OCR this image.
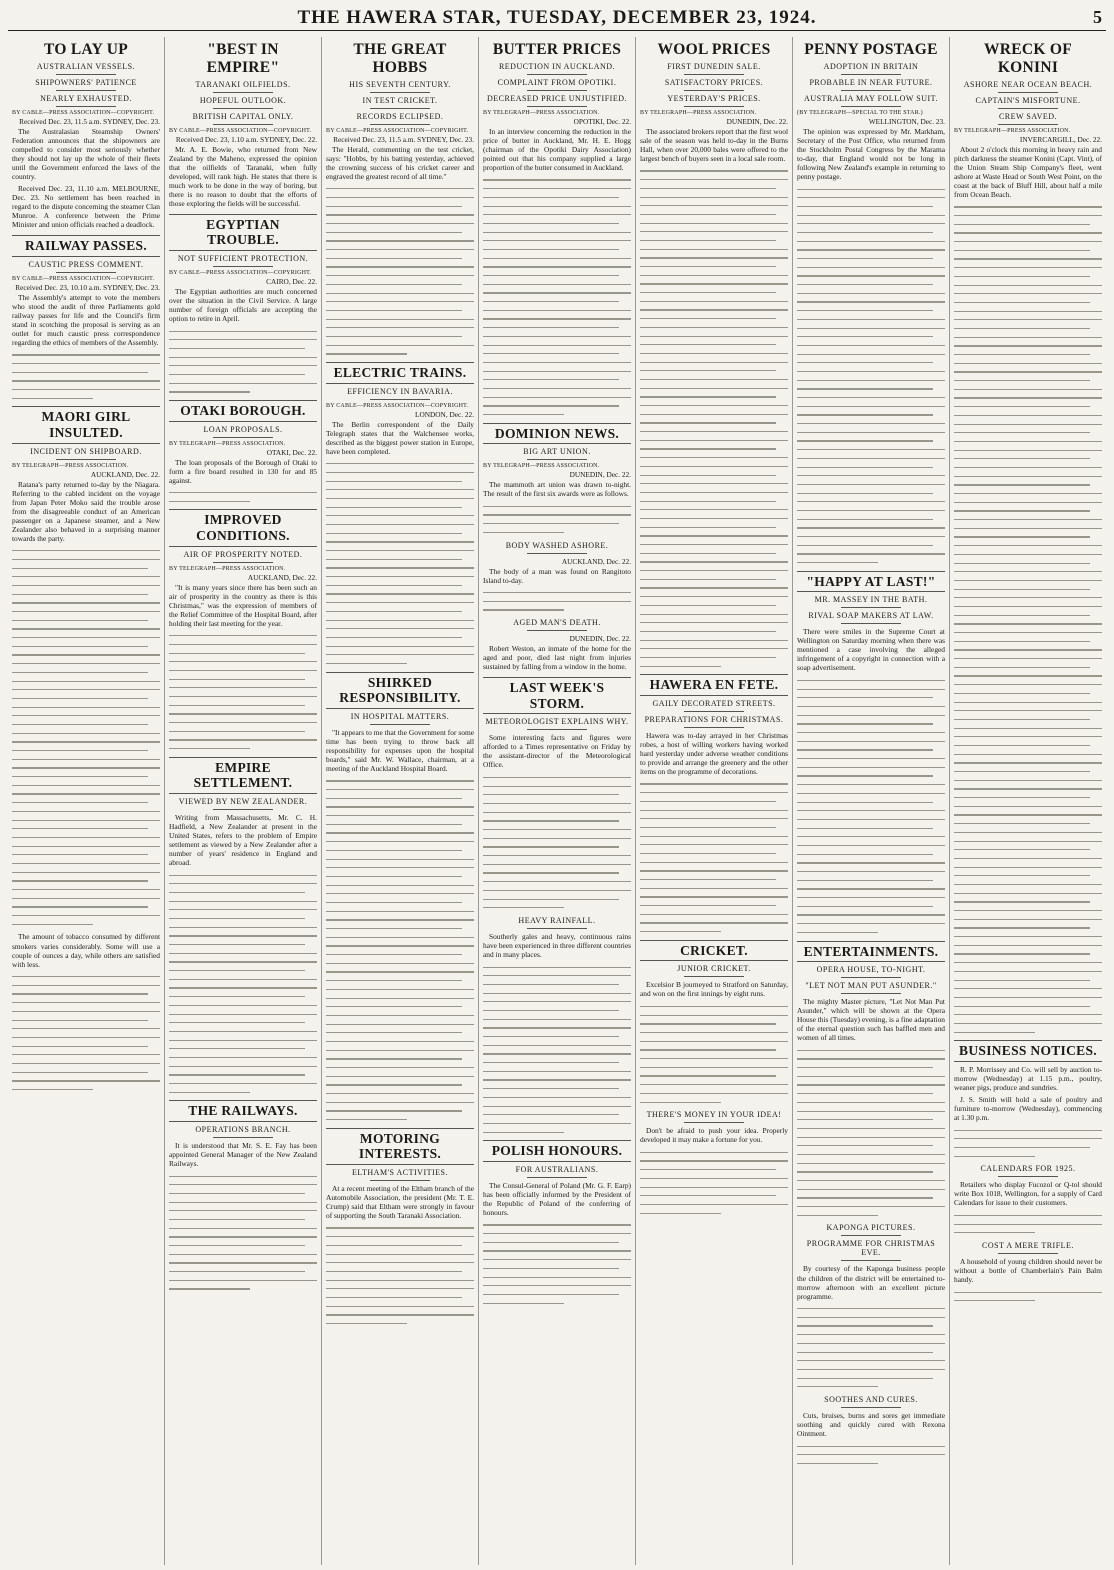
THE HAWERA STAR, TUESDAY, DECEMBER 23, 1924.	5
TO LAY UP
AUSTRALIAN VESSELS.
SHIPOWNERS' PATIENCE
NEARLY EXHAUSTED.
BY CABLE—PRESS ASSOCIATION—COPYRIGHT.
Received Dec. 23, 11.5 a.m. SYDNEY, Dec. 23.

The Australasian Steamship Owners' Federation announces that the shipowners are compelled to consider most seriously whether they should not lay up the whole of their fleets until the Government enforced the laws of the country.

Received Dec. 23, 11.10 a.m. MELBOURNE, Dec. 23. No settlement has been reached in regard to the dispute concerning the steamer Clan Munroe. A conference between the Prime Minister and union officials reached a deadlock.

RAILWAY PASSES.
CAUSTIC PRESS COMMENT.
BY CABLE—PRESS ASSOCIATION—COPYRIGHT.
Received Dec. 23, 10.10 a.m. SYDNEY, Dec. 23.

The Assembly's attempt to vote the members who stood the audit of three Parliaments gold railway passes for life and the Council's firm stand in scotching the proposal is serving as an outlet for much caustic press correspondence regarding the ethics of members of the Assembly.

MAORI GIRL INSULTED.
INCIDENT ON SHIPBOARD.
BY TELEGRAPH—PRESS ASSOCIATION.
AUCKLAND, Dec. 22.

Ratana's party returned to-day by the Niagara. Referring to the cabled incident on the voyage from Japan Peter Moko said the trouble arose from the disagreeable conduct of an American passenger on a Japanese steamer, and a New Zealander also behaved in a surprising manner towards the party.

The amount of tobacco consumed by different smokers varies considerably. Some will use a couple of ounces a day, while others are satisfied with less.

"BEST IN EMPIRE"
TARANAKI OILFIELDS.
HOPEFUL OUTLOOK.
BRITISH CAPITAL ONLY.
BY CABLE—PRESS ASSOCIATION—COPYRIGHT.
Received Dec. 23, 1.10 a.m. SYDNEY, Dec. 22.

Mr. A. E. Bowie, who returned from New Zealand by the Maheno, expressed the opinion that the oilfields of Taranaki, when fully developed, will rank high. He states that there is much work to be done in the way of boring, but there is no reason to doubt that the efforts of those exploring the fields will be successful.

EGYPTIAN TROUBLE.
NOT SUFFICIENT PROTECTION.
BY CABLE—PRESS ASSOCIATION—COPYRIGHT.
CAIRO, Dec. 22.

The Egyptian authorities are much concerned over the situation in the Civil Service. A large number of foreign officials are accepting the option to retire in April.

OTAKI BOROUGH.
LOAN PROPOSALS.
BY TELEGRAPH—PRESS ASSOCIATION.
OTAKI, Dec. 22.

The loan proposals of the Borough of Otaki to form a fire board resulted in 130 for and 85 against.

IMPROVED CONDITIONS.
AIR OF PROSPERITY NOTED.
BY TELEGRAPH—PRESS ASSOCIATION.
AUCKLAND, Dec. 22.

"It is many years since there has been such an air of prosperity in the country as there is this Christmas," was the expression of members of the Relief Committee of the Hospital Board, after holding their last meeting for the year.

EMPIRE SETTLEMENT.
VIEWED BY NEW ZEALANDER.

Writing from Massachusetts, Mr. C. H. Hadfield, a New Zealander at present in the United States, refers to the problem of Empire settlement as viewed by a New Zealander after a number of years' residence in England and abroad.

THE RAILWAYS.
OPERATIONS BRANCH.

It is understood that Mr. S. E. Fay has been appointed General Manager of the New Zealand Railways.

THE GREAT HOBBS
HIS SEVENTH CENTURY.
IN TEST CRICKET.
RECORDS ECLIPSED.
BY CABLE—PRESS ASSOCIATION—COPYRIGHT.
Received Dec. 23, 11.5 a.m. SYDNEY, Dec. 23.

The Herald, commenting on the test cricket, says: "Hobbs, by his batting yesterday, achieved the crowning success of his cricket career and engraved the greatest record of all time."

ELECTRIC TRAINS.
EFFICIENCY IN BAVARIA.
BY CABLE—PRESS ASSOCIATION—COPYRIGHT.
LONDON, Dec. 22.

The Berlin correspondent of the Daily Telegraph states that the Walchensee works, described as the biggest power station in Europe, have been completed.

SHIRKED RESPONSIBILITY.
IN HOSPITAL MATTERS.

"It appears to me that the Government for some time has been trying to throw back all responsibility for expenses upon the hospital boards," said Mr. W. Wallace, chairman, at a meeting of the Auckland Hospital Board.

MOTORING INTERESTS.
ELTHAM'S ACTIVITIES.

At a recent meeting of the Eltham branch of the Automobile Association, the president (Mr. T. E. Crump) said that Eltham were strongly in favour of supporting the South Taranaki Association.

BUTTER PRICES
REDUCTION IN AUCKLAND.
COMPLAINT FROM OPOTIKI.
DECREASED PRICE UNJUSTIFIED.
BY TELEGRAPH—PRESS ASSOCIATION.
OPOTIKI, Dec. 22.

In an interview concerning the reduction in the price of butter in Auckland, Mr. H. E. Hogg (chairman of the Opotiki Dairy Association) pointed out that his company supplied a large proportion of the butter consumed in Auckland.

DOMINION NEWS.
BIG ART UNION.
BY TELEGRAPH—PRESS ASSOCIATION.
DUNEDIN, Dec. 22.

The mammoth art union was drawn to-night. The result of the first six awards were as follows.

BODY WASHED ASHORE.
AUCKLAND, Dec. 22.

The body of a man was found on Rangitoto Island to-day.

AGED MAN'S DEATH.
DUNEDIN, Dec. 22.

Robert Weston, an inmate of the home for the aged and poor, died last night from injuries sustained by falling from a window in the home.

LAST WEEK'S STORM.
METEOROLOGIST EXPLAINS WHY.

Some interesting facts and figures were afforded to a Times representative on Friday by the assistant-director of the Meteorological Office.

HEAVY RAINFALL.

Southerly gales and heavy, continuous rains have been experienced in three different countries and in many places.

POLISH HONOURS.
FOR AUSTRALIANS.

The Consul-General of Poland (Mr. G. F. Earp) has been officially informed by the President of the Republic of Poland of the conferring of honours.

WOOL PRICES
FIRST DUNEDIN SALE.
SATISFACTORY PRICES.
YESTERDAY'S PRICES.
BY TELEGRAPH—PRESS ASSOCIATION.
DUNEDIN, Dec. 22.

The associated brokers report that the first wool sale of the season was held to-day in the Burns Hall, when over 20,000 bales were offered to the largest bench of buyers seen in a local sale room.

HAWERA EN FETE.
GAILY DECORATED STREETS.
PREPARATIONS FOR CHRISTMAS.

Hawera was to-day arrayed in her Christmas robes, a host of willing workers having worked hard yesterday under adverse weather conditions to provide and arrange the greenery and the other items on the programme of decorations.

CRICKET.
JUNIOR CRICKET.

Excelsior B journeyed to Stratford on Saturday, and won on the first innings by eight runs.

THERE'S MONEY IN YOUR IDEA!

Don't be afraid to push your idea. Properly developed it may make a fortune for you.

PENNY POSTAGE
ADOPTION IN BRITAIN
PROBABLE IN NEAR FUTURE.
AUSTRALIA MAY FOLLOW SUIT.
(BY TELEGRAPH—SPECIAL TO THE STAR.)
WELLINGTON, Dec. 23.

The opinion was expressed by Mr. Markham, Secretary of the Post Office, who returned from the Stockholm Postal Congress by the Marama to-day, that England would not be long in following New Zealand's example in returning to penny postage.

"HAPPY AT LAST!"
MR. MASSEY IN THE BATH.
RIVAL SOAP MAKERS AT LAW.

There were smiles in the Supreme Court at Wellington on Saturday morning when there was mentioned a case involving the alleged infringement of a copyright in connection with a soap advertisement.

ENTERTAINMENTS.
OPERA HOUSE, TO-NIGHT.
"LET NOT MAN PUT ASUNDER."

The mighty Master picture, "Let Not Man Put Asunder," which will be shown at the Opera House this (Tuesday) evening, is a fine adaptation of the eternal question such has baffled men and women of all times.

KAPONGA PICTURES.
PROGRAMME FOR CHRISTMAS EVE.

By courtesy of the Kaponga business people the children of the district will be entertained to-morrow afternoon with an excellent picture programme.

SOOTHES AND CURES.

Cuts, bruises, burns and sores get immediate soothing and quickly cured with Rexona Ointment.

WRECK OF KONINI
ASHORE NEAR OCEAN BEACH.
CAPTAIN'S MISFORTUNE.
CREW SAVED.
BY TELEGRAPH—PRESS ASSOCIATION.
INVERCARGILL, Dec. 22.

About 2 o'clock this morning in heavy rain and pitch darkness the steamer Konini (Capt. Vint), of the Union Steam Ship Company's fleet, went ashore at Waste Head or South West Point, on the coast at the back of Bluff Hill, about half a mile from Ocean Beach.

BUSINESS NOTICES.

R. P. Morrissey and Co. will sell by auction to-morrow (Wednesday) at 1.15 p.m., poultry, weaner pigs, produce and sundries.

J. S. Smith will hold a sale of poultry and furniture to-morrow (Wednesday), commencing at 1.30 p.m.

CALENDARS FOR 1925.

Retailers who display Fucozol or Q-tol should write Box 1018, Wellington, for a supply of Card Calendars for issue to their customers.

COST A MERE TRIFLE.

A household of young children should never be without a bottle of Chamberlain's Pain Balm handy.
